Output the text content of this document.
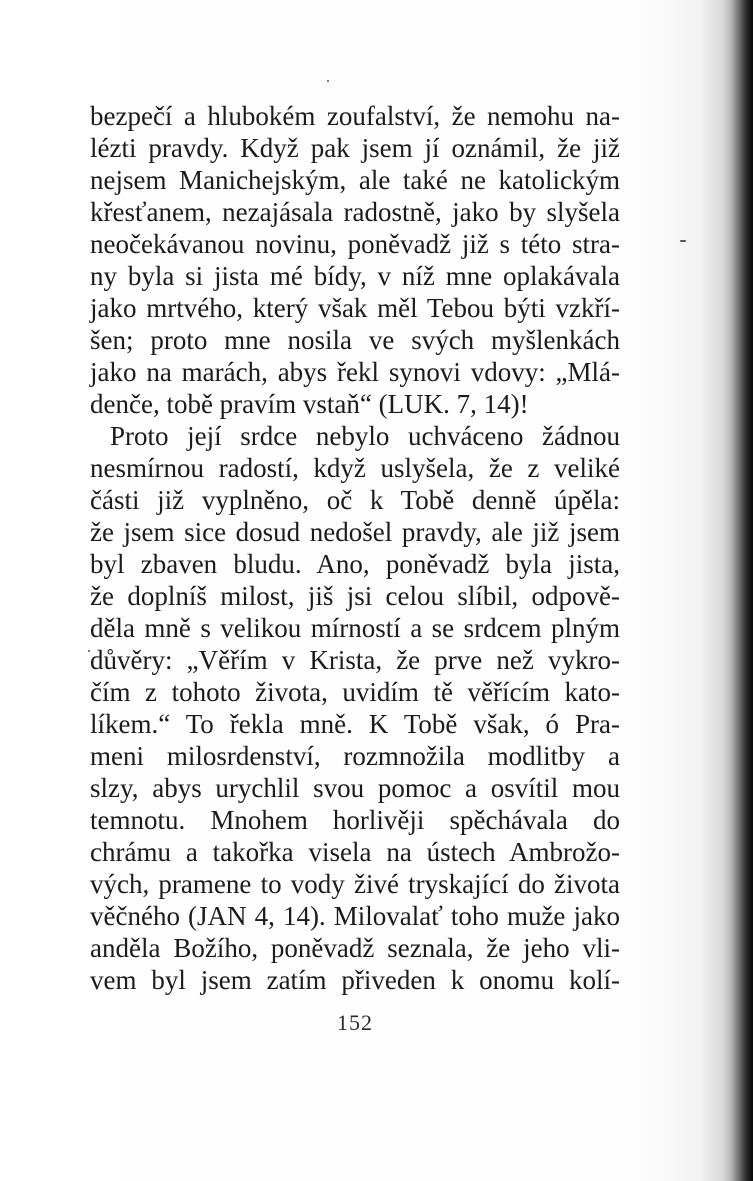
bezpečí a hlubokém zoufalství, že nemohu na-
lézti pravdy. Když pak jsem jí oznámil, že již
nejsem Manichejským, ale také ne katolickým
křesťanem, nezajásala radostně, jako by slyšela
neočekávanou novinu, poněvadž již s této stra-
ny byla si jista mé bídy, v níž mne oplakávala
jako mrtvého, který však měl Tebou býti vzkří-
šen; proto mne nosila ve svých myšlenkách
jako na marách, abys řekl synovi vdovy: „Mlá-
denče, tobě pravím vstaň“ (LUK. 7, 14)!
Proto její srdce nebylo uchváceno žádnou
nesmírnou radostí, když uslyšela, že z veliké
části již vyplněno, oč k Tobě denně úpěla:
že jsem sice dosud nedošel pravdy, ale již jsem
byl zbaven bludu. Ano, poněvadž byla jista,
že doplníš milost, jiš jsi celou slíbil, odpově-
děla mně s velikou mírností a se srdcem plným
důvěry: „Věřím v Krista, že prve než vykro-
čím z tohoto života, uvidím tě věřícím kato-
líkem.“ To řekla mně. K Tobě však, ó Pra-
meni milosrdenství, rozmnožila modlitby a
slzy, abys urychlil svou pomoc a osvítil mou
temnotu. Mnohem horlivěji spěchávala do
chrámu a takořka visela na ústech Ambrožo-
vých, pramene to vody živé tryskající do života
věčného (JAN 4, 14). Milovalať toho muže jako
anděla Božího, poněvadž seznala, že jeho vli-
vem byl jsem zatím přiveden k onomu kolí-
152
